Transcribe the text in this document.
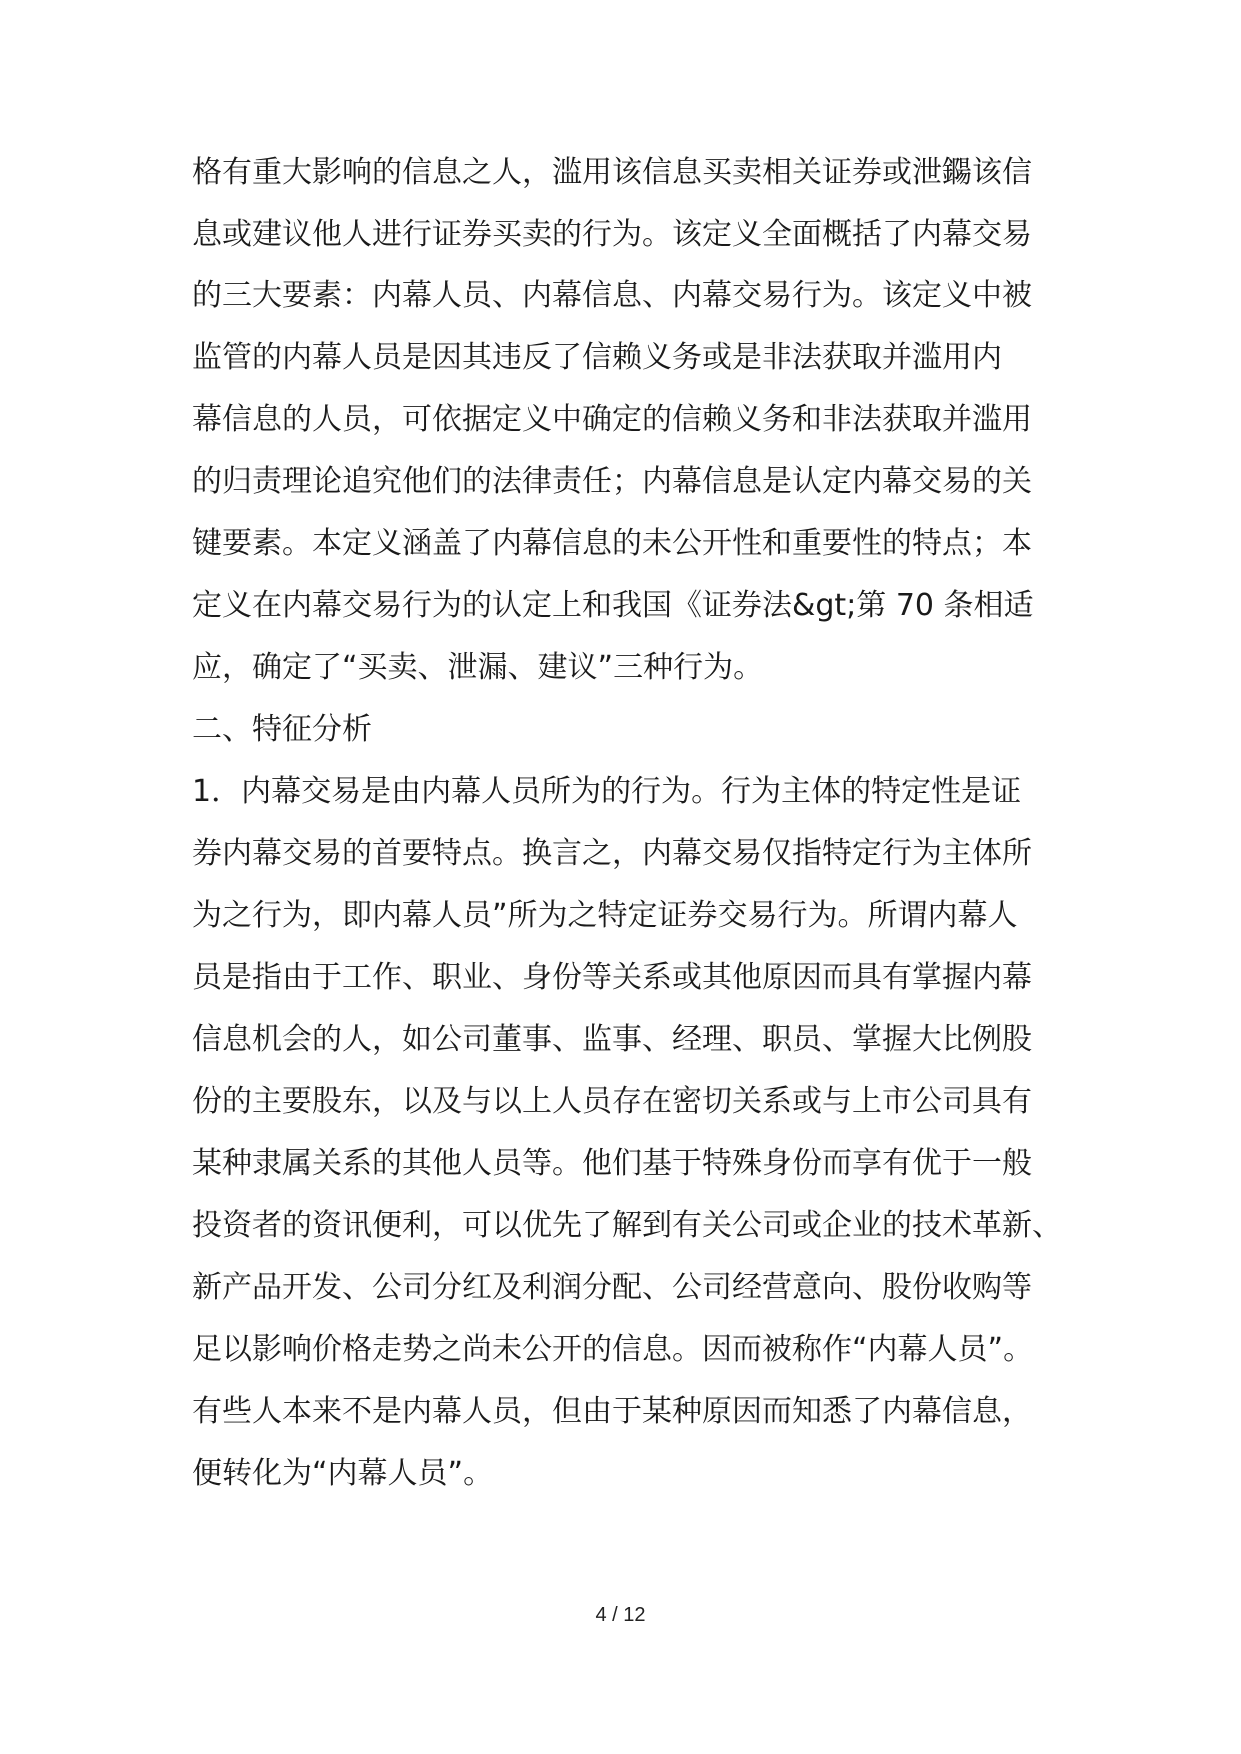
格有重大影响的信息之人，滥用该信息买卖相关证券或泄鐊该信
息或建议他人进行证券买卖的行为。该定义全面概括了内幕交易
的三大要素：内幕人员、内幕信息、内幕交易行为。该定义中被
监管的内幕人员是因其违反了信赖义务或是非法获取并滥用内
幕信息的人员，可依据定义中确定的信赖义务和非法获取并滥用
的归责理论追究他们的法律责任；内幕信息是认定内幕交易的关
键要素。本定义涵盖了内幕信息的未公开性和重要性的特点；本
定义在内幕交易行为的认定上和我国《证券法&gt;第 70 条相适
应，确定了“买卖、泄漏、建议”三种行为。
二、特征分析
1．内幕交易是由内幕人员所为的行为。行为主体的特定性是证
券内幕交易的首要特点。换言之，内幕交易仅指特定行为主体所
为之行为，即内幕人员”所为之特定证券交易行为。所谓内幕人
员是指由于工作、职业、身份等关系或其他原因而具有掌握内幕
信息机会的人，如公司董事、监事、经理、职员、掌握大比例股
份的主要股东，以及与以上人员存在密切关系或与上市公司具有
某种隶属关系的其他人员等。他们基于特殊身份而享有优于一般
投资者的资讯便利，可以优先了解到有关公司或企业的技术革新、
新产品开发、公司分红及利润分配、公司经营意向、股份收购等
足以影响价格走势之尚未公开的信息。因而被称作“内幕人员”。
有些人本来不是内幕人员，但由于某种原因而知悉了内幕信息，
便转化为“内幕人员”。
4 / 12
